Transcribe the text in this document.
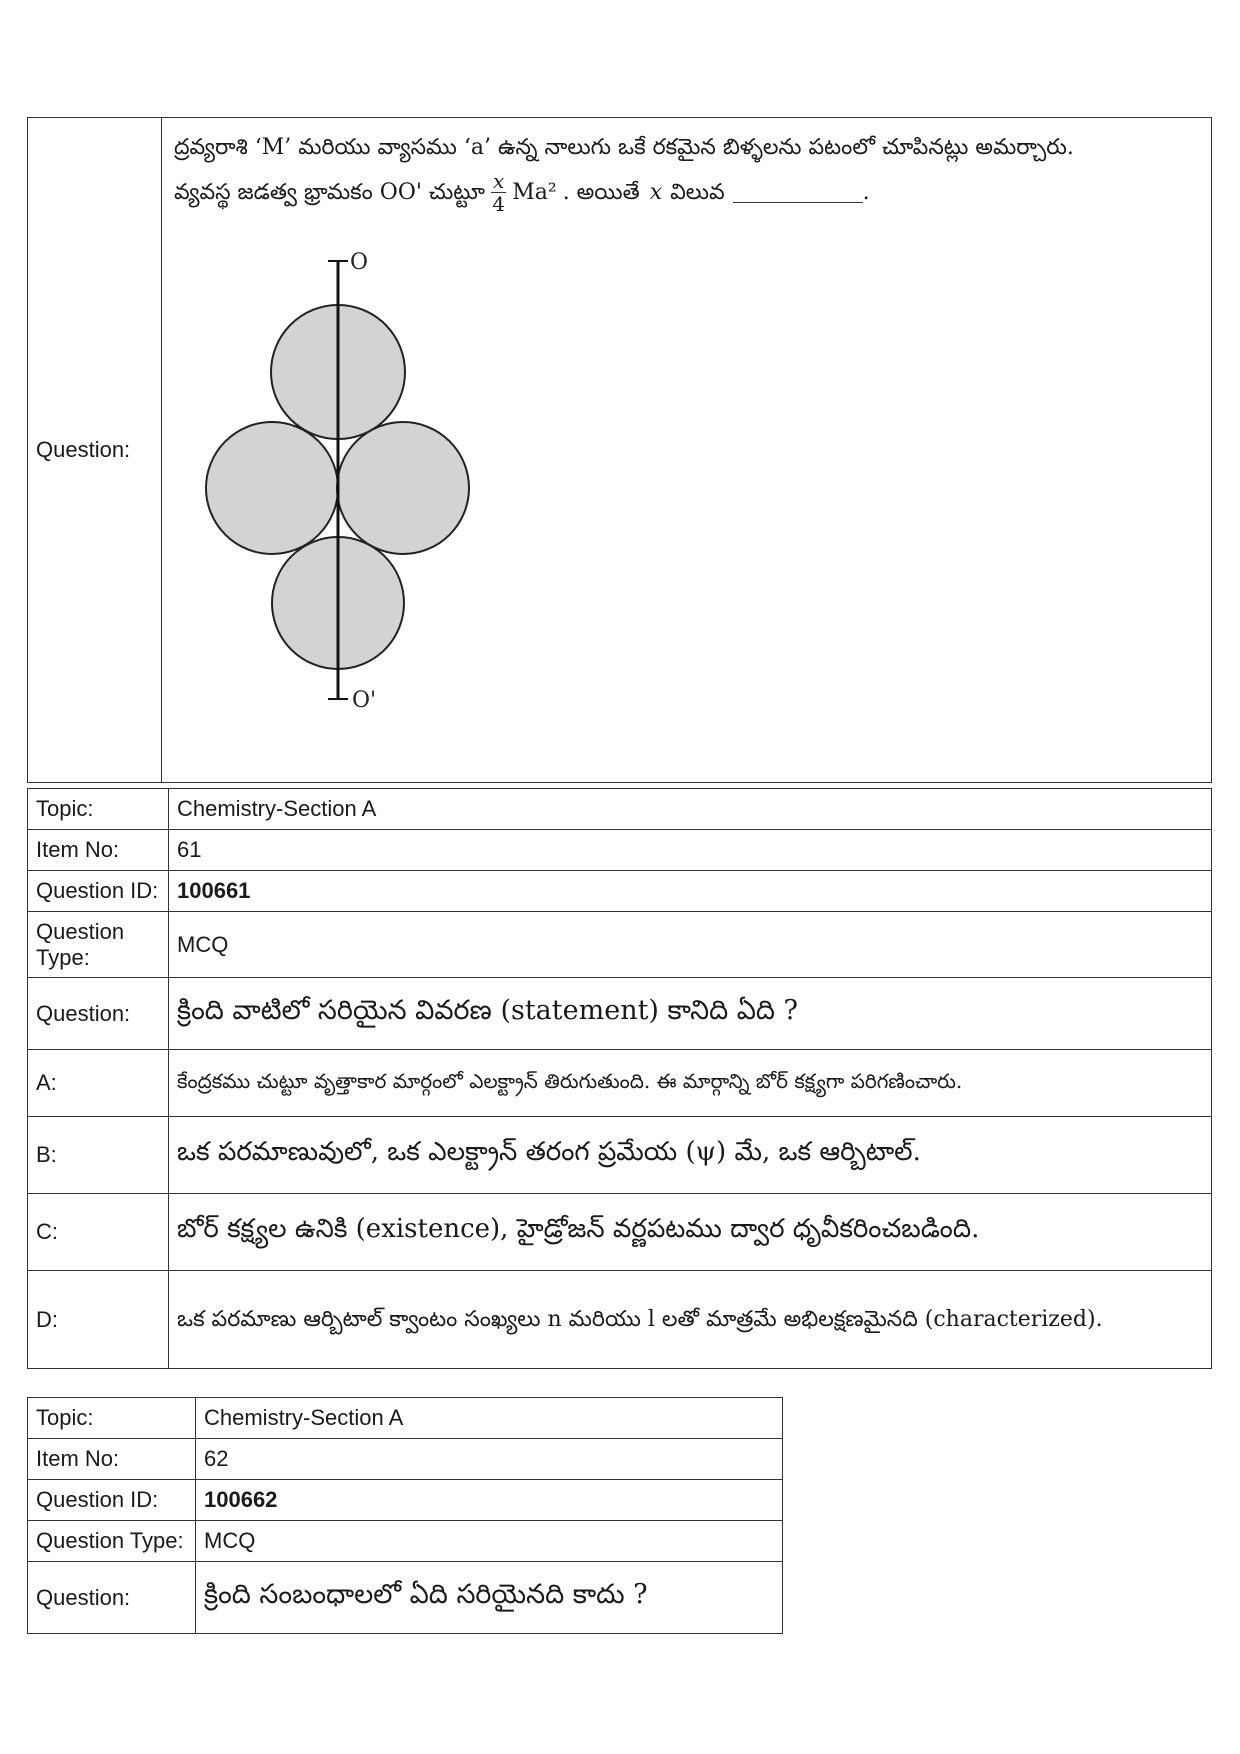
Question:	
ద్రవ్యరాశి ‘M’ మరియు వ్యాసము ‘a’ ఉన్న నాలుగు ఒకే రకమైన బిళ్ళలను పటంలో చూపినట్లు అమర్చారు.
వ్యవస్థ జడత్వ భ్రామకం OO' చుట్టూ $\frac{x}{4} Ma^2$ . అయితే x విలువ	.
O
O'
Topic:	Chemistry-Section A
Item No:	61
Question ID:	100661
Question Type:	MCQ
Question:	క్రింది వాటిలో సరియైన వివరణ (statement) కానిది ఏది ?
A:	కేంద్రకము చుట్టూ వృత్తాకార మార్గంలో ఎలక్ట్రాన్ తిరుగుతుంది. ఈ మార్గాన్ని బోర్ కక్ష్యగా పరిగణించారు.
B:	ఒక పరమాణువులో, ఒక ఎలక్ట్రాన్ తరంగ ప్రమేయ (ψ) మే, ఒక ఆర్బిటాల్.
C:	బోర్ కక్ష్యల ఉనికి (existence), హైడ్రోజన్ వర్ణపటము ద్వార ధృవీకరించబడింది.
D:	ఒక పరమాణు ఆర్బిటాల్ క్వాంటం సంఖ్యలు n మరియు l లతో మాత్రమే అభిలక్షణమైనది (characterized).
Topic:	Chemistry-Section A
Item No:	62
Question ID:	100662
Question Type:	MCQ
Question:	క్రింది సంబంధాలలో ఏది సరియైనది కాదు ?
